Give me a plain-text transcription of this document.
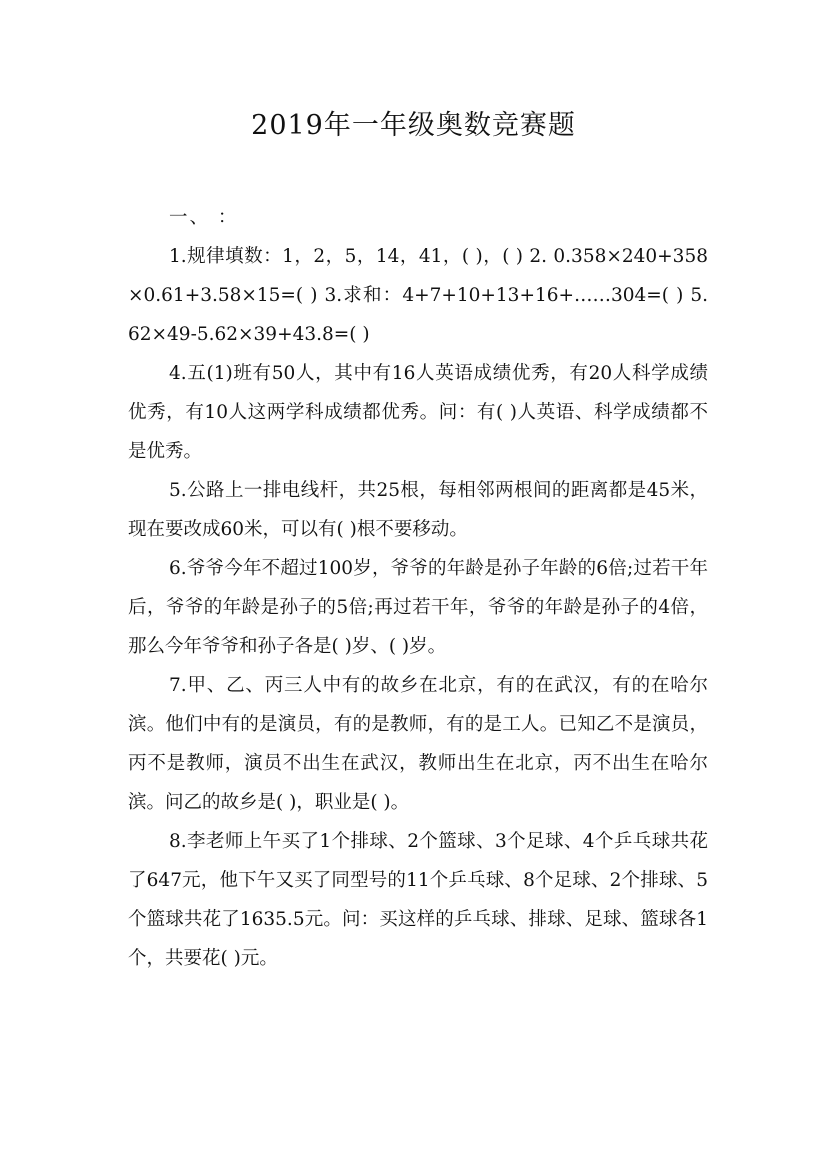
2019年一年级奥数竞赛题

一、 ：

1.规律填数：1，2，5，14，41，( )，( ) 2. 0.358×240+358×0.61+3.58×15=( ) 3.求和：4+7+10+13+16+……304=( ) 5.62×49-5.62×39+43.8=( )

4.五(1)班有50人，其中有16人英语成绩优秀，有20人科学成绩优秀，有10人这两学科成绩都优秀。问：有( )人英语、科学成绩都不是优秀。

5.公路上一排电线杆，共25根，每相邻两根间的距离都是45米，现在要改成60米，可以有( )根不要移动。

6.爷爷今年不超过100岁，爷爷的年龄是孙子年龄的6倍;过若干年后，爷爷的年龄是孙子的5倍;再过若干年，爷爷的年龄是孙子的4倍，那么今年爷爷和孙子各是( )岁、( )岁。

7.甲、乙、丙三人中有的故乡在北京，有的在武汉，有的在哈尔滨。他们中有的是演员，有的是教师，有的是工人。已知乙不是演员，丙不是教师，演员不出生在武汉，教师出生在北京，丙不出生在哈尔滨。问乙的故乡是( )，职业是( )。

8.李老师上午买了1个排球、2个篮球、3个足球、4个乒乓球共花了647元，他下午又买了同型号的11个乒乓球、8个足球、2个排球、5个篮球共花了1635.5元。问：买这样的乒乓球、排球、足球、篮球各1个，共要花( )元。
